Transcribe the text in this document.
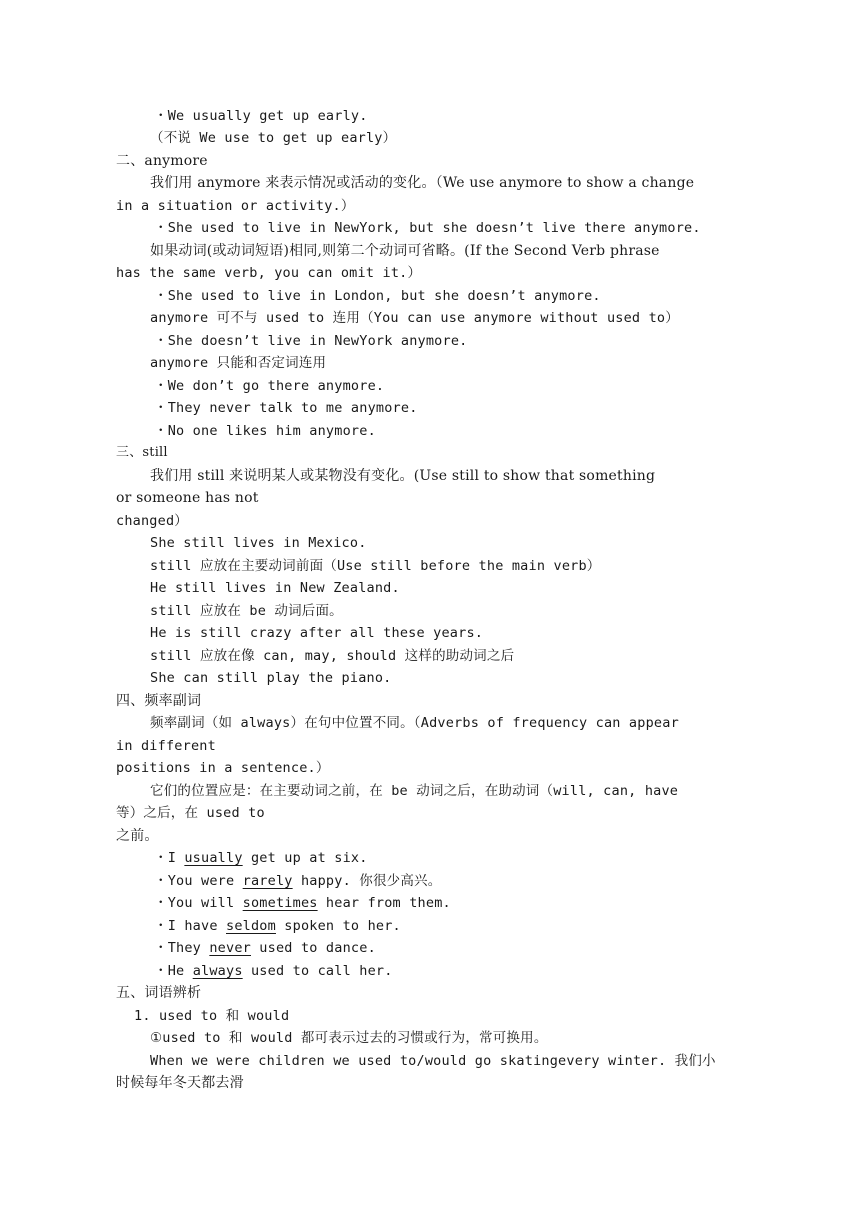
・We usually get up early.
（不说 We use to get up early）
二、anymore
我们用 anymore 来表示情况或活动的变化。（We use anymore to show a change
in a situation or activity.）
・She used to live in NewYork, but she doesn’t live there anymore.
如果动词(或动词短语)相同,则第二个动词可省略。(If the Second Verb phrase
has the same verb, you can omit it.）
・She used to live in London, but she doesn’t anymore.
anymore 可不与 used to 连用（You can use anymore without used to）
・She doesn’t live in NewYork anymore.
anymore 只能和否定词连用
・We don’t go there anymore.
・They never talk to me anymore.
・No one likes him anymore.
三、still
我们用 still 来说明某人或某物没有变化。(Use still to show that something
or someone has not
changed）
She still lives in Mexico.
still 应放在主要动词前面（Use still before the main verb）
He still lives in New Zealand.
still 应放在 be 动词后面。
He is still crazy after all these years.
still 应放在像 can, may, should 这样的助动词之后
She can still play the piano.
四、频率副词
频率副词（如 always）在句中位置不同。（Adverbs of frequency can appear
in different
positions in a sentence.）
它们的位置应是：在主要动词之前，在 be 动词之后，在助动词（will, can, have
等）之后，在 used to
之前。
・I usually get up at six.
・You were rarely happy. 你很少高兴。
・You will sometimes hear from them.
・I have seldom spoken to her.
・They never used to dance.
・He always used to call her.
五、词语辨析
1. used to 和 would
①used to 和 would 都可表示过去的习惯或行为，常可换用。
When we were children we used to/would go skatingevery winter. 我们小
时候每年冬天都去滑
